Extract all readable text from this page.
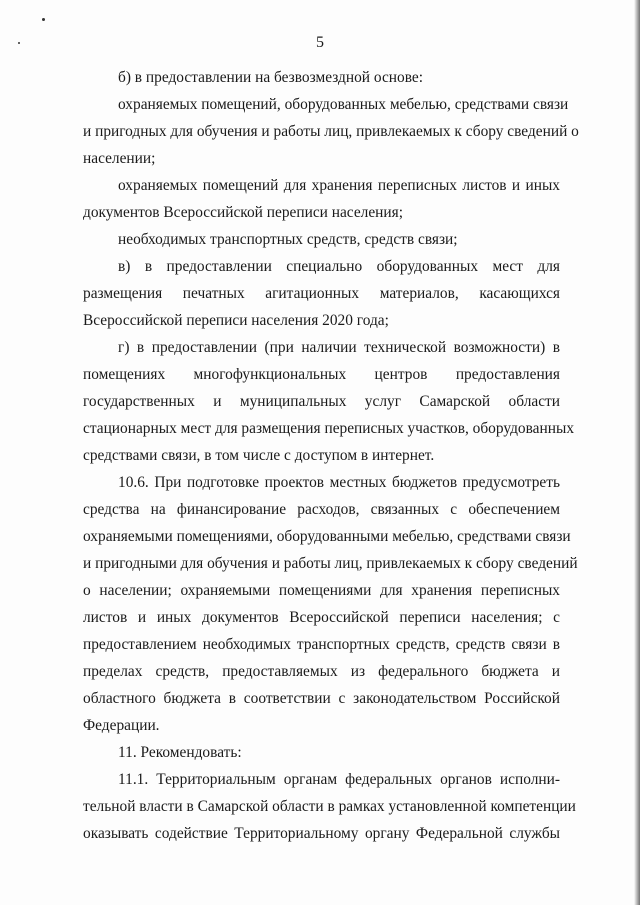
5
б) в предоставлении на безвозмездной основе:
охраняемых помещений, оборудованных мебелью, средствами связи
и пригодных для обучения и работы лиц, привлекаемых к сбору сведений о
населении;
охраняемых помещений для хранения переписных листов и иных
документов Всероссийской переписи населения;
необходимых транспортных средств, средств связи;
в) в предоставлении специально оборудованных мест для
размещения печатных агитационных материалов, касающихся
Всероссийской переписи населения 2020 года;
г) в предоставлении (при наличии технической возможности) в
помещениях многофункциональных центров предоставления
государственных и муниципальных услуг Самарской области
стационарных мест для размещения переписных участков, оборудованных
средствами связи, в том числе с доступом в интернет.
10.6. При подготовке проектов местных бюджетов предусмотреть
средства на финансирование расходов, связанных с обеспечением
охраняемыми помещениями, оборудованными мебелью, средствами связи
и пригодными для обучения и работы лиц, привлекаемых к сбору сведений
о населении; охраняемыми помещениями для хранения переписных
листов и иных документов Всероссийской переписи населения; с
предоставлением необходимых транспортных средств, средств связи в
пределах средств, предоставляемых из федерального бюджета и
областного бюджета в соответствии с законодательством Российской
Федерации.
11. Рекомендовать:
11.1. Территориальным органам федеральных органов исполни-
тельной власти в Самарской области в рамках установленной компетенции
оказывать содействие Территориальному органу Федеральной службы
